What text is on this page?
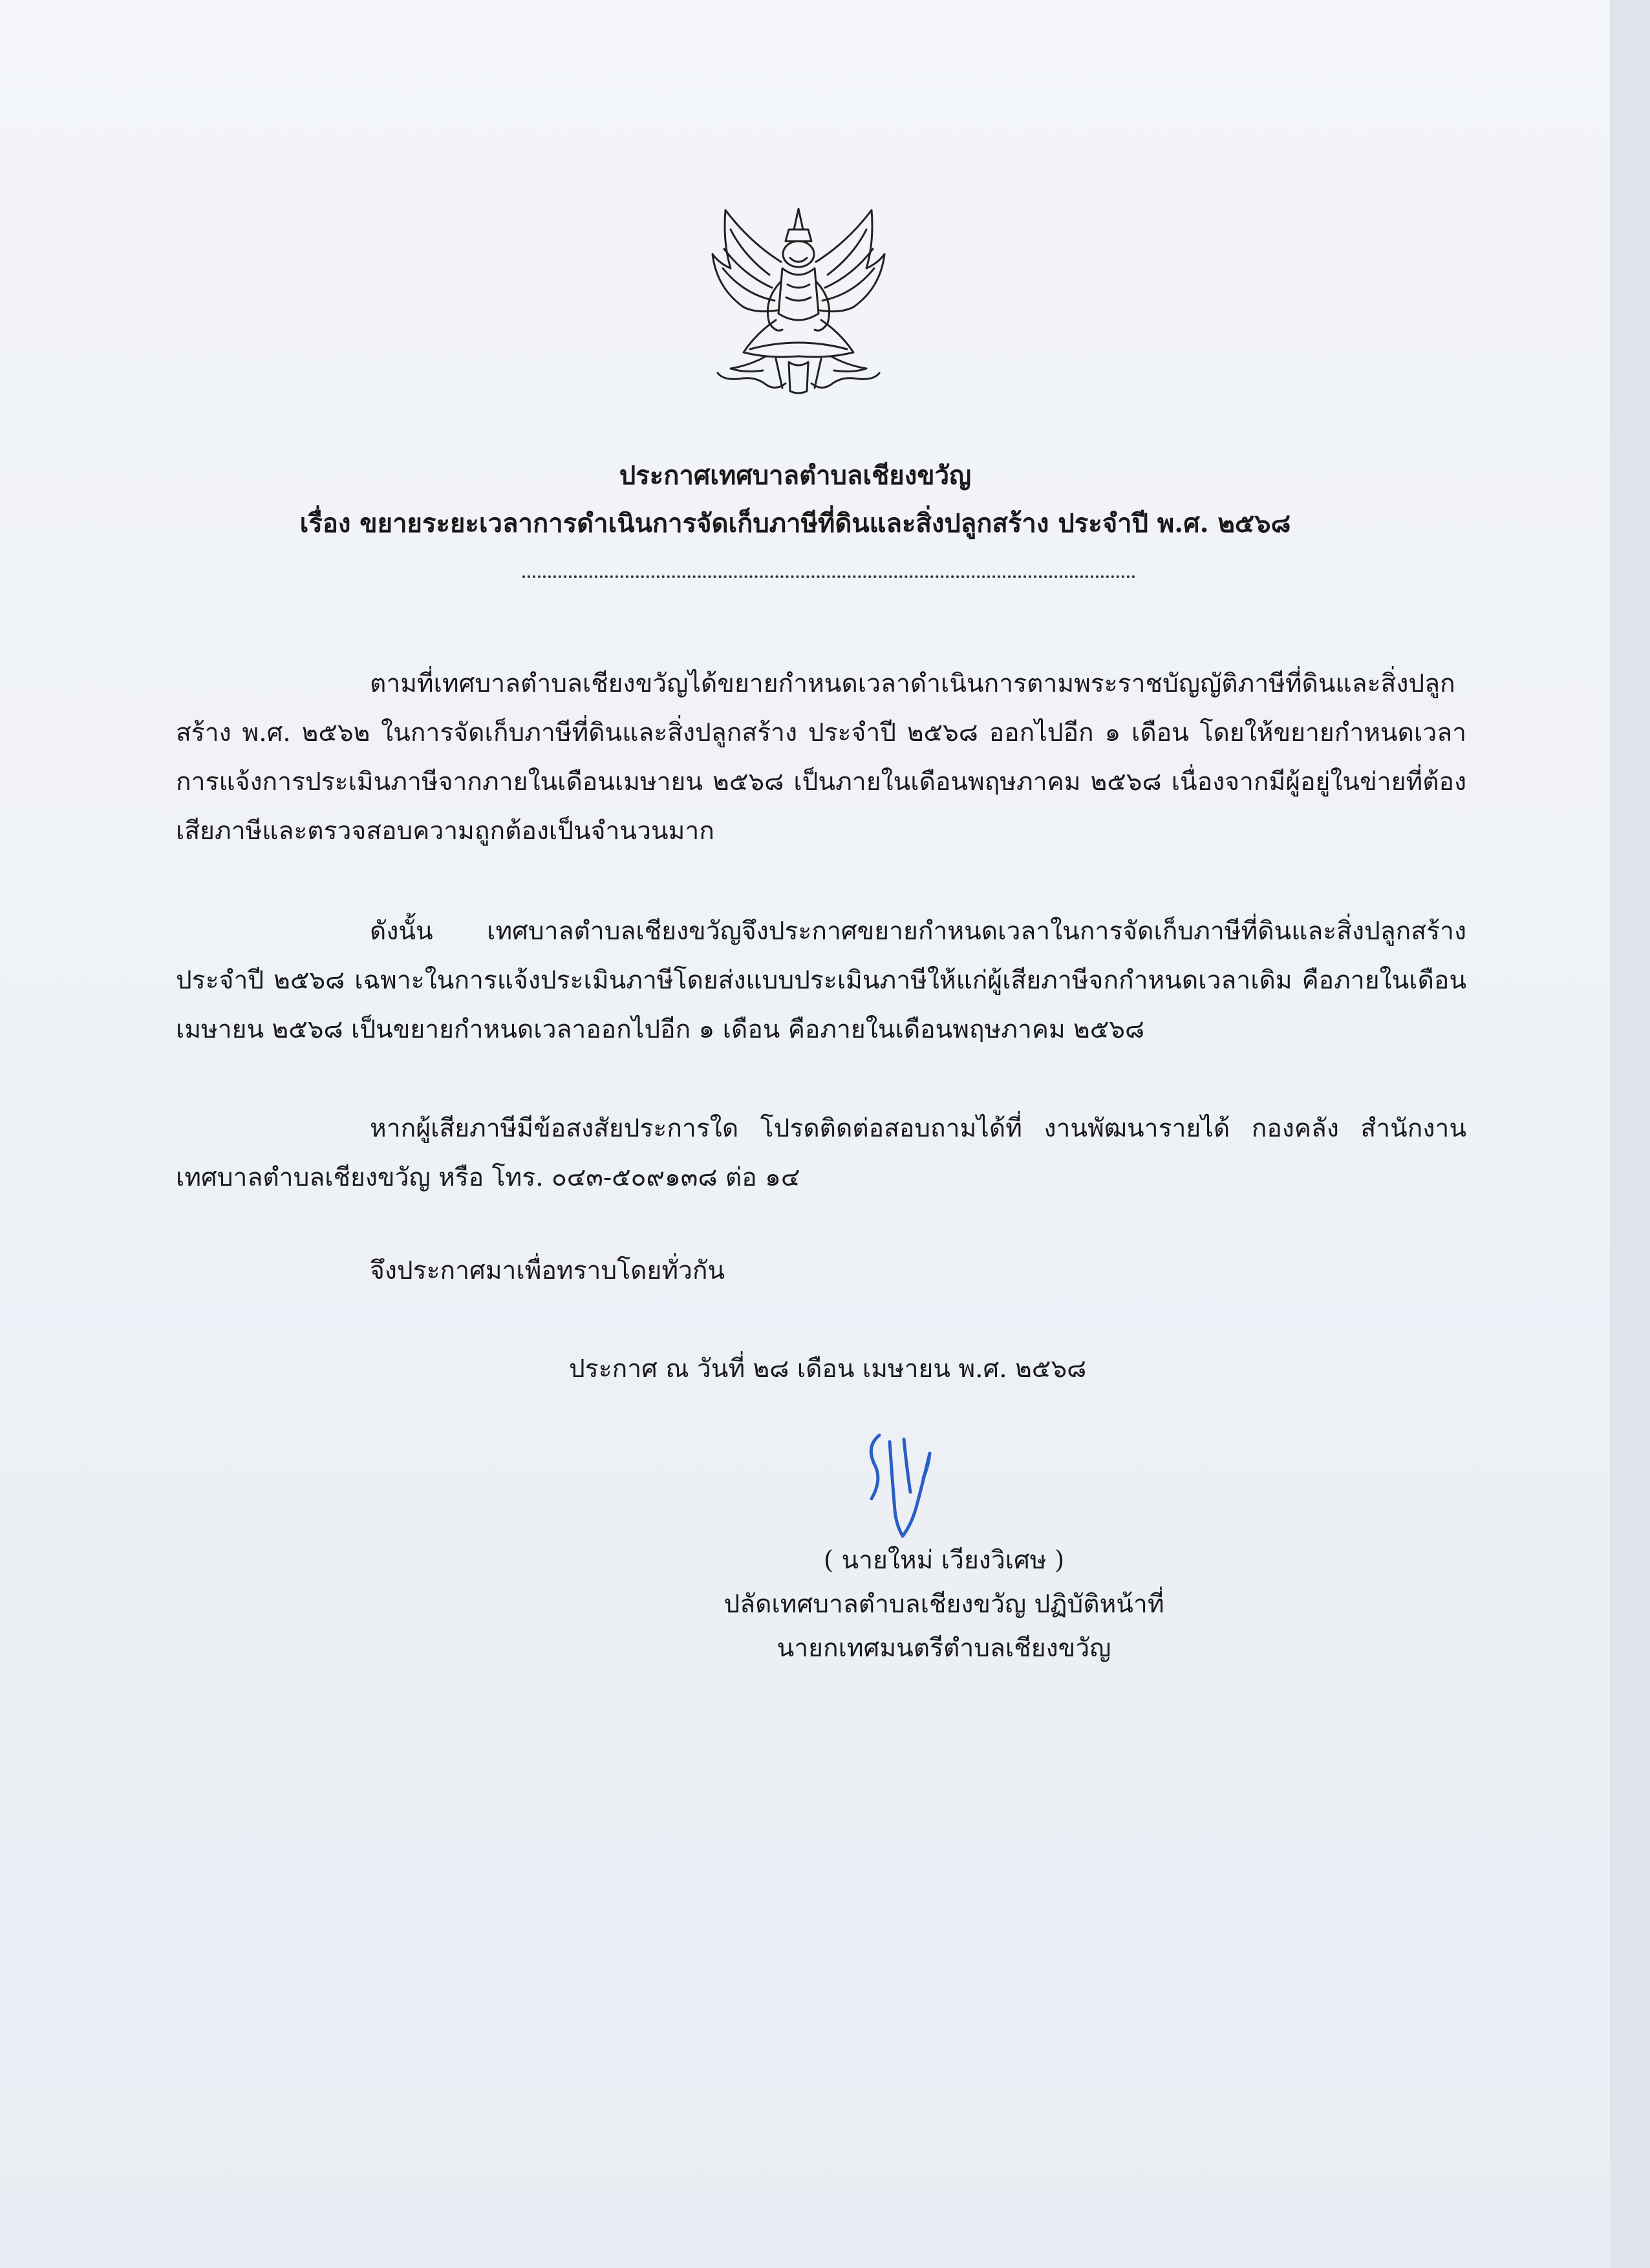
ประกาศเทศบาลตำบลเชียงขวัญ
เรื่อง ขยายระยะเวลาการดำเนินการจัดเก็บภาษีที่ดินและสิ่งปลูกสร้าง ประจำปี พ.ศ. ๒๕๖๘
ตามที่เทศบาลตำบลเชียงขวัญได้ขยายกำหนดเวลาดำเนินการตามพระราชบัญญัติภาษีที่ดินและสิ่งปลูกสร้าง พ.ศ. ๒๕๖๒ ในการจัดเก็บภาษีที่ดินและสิ่งปลูกสร้าง ประจำปี ๒๕๖๘ ออกไปอีก ๑ เดือน โดยให้ขยายกำหนดเวลาการแจ้งการประเมินภาษีจากภายในเดือนเมษายน ๒๕๖๘ เป็นภายในเดือนพฤษภาคม ๒๕๖๘ เนื่องจากมีผู้อยู่ในข่ายที่ต้องเสียภาษีและตรวจสอบความถูกต้องเป็นจำนวนมาก
ดังนั้น เทศบาลตำบลเชียงขวัญจึงประกาศขยายกำหนดเวลาในการจัดเก็บภาษีที่ดินและสิ่งปลูกสร้างประจำปี ๒๕๖๘ เฉพาะในการแจ้งประเมินภาษีโดยส่งแบบประเมินภาษีให้แก่ผู้เสียภาษีจกกำหนดเวลาเดิม คือภายในเดือนเมษายน ๒๕๖๘ เป็นขยายกำหนดเวลาออกไปอีก ๑ เดือน คือภายในเดือนพฤษภาคม ๒๕๖๘
หากผู้เสียภาษีมีข้อสงสัยประการใด โปรดติดต่อสอบถามได้ที่ งานพัฒนารายได้ กองคลัง สำนักงานเทศบาลตำบลเชียงขวัญ หรือ โทร. ๐๔๓-๕๐๙๑๓๘ ต่อ ๑๔
จึงประกาศมาเพื่อทราบโดยทั่วกัน
ประกาศ ณ วันที่ ๒๘ เดือน เมษายน พ.ศ. ๒๕๖๘
( นายใหม่ เวียงวิเศษ )
ปลัดเทศบาลตำบลเชียงขวัญ ปฏิบัติหน้าที่
นายกเทศมนตรีตำบลเชียงขวัญ
